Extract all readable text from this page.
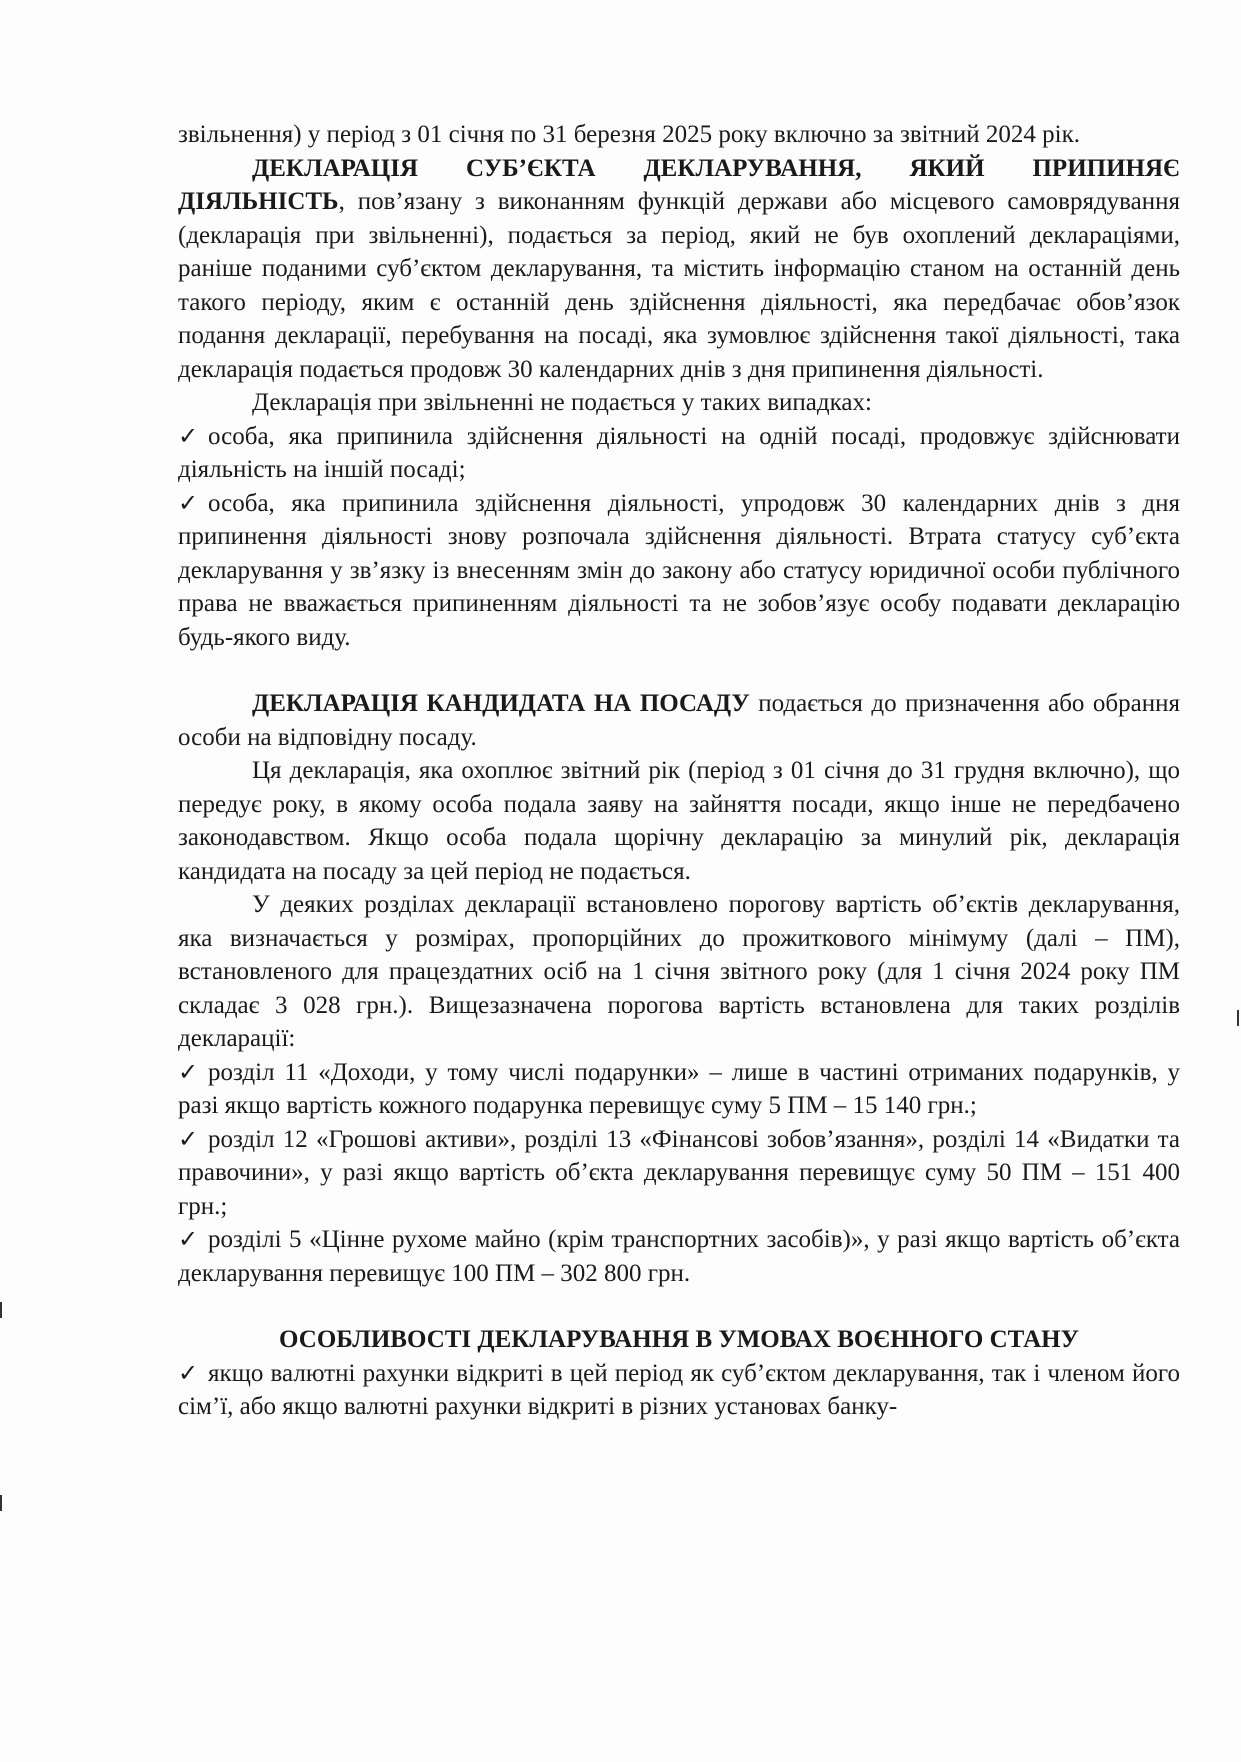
звільнення) у період з 01 січня по 31 березня 2025 року включно за звітний 2024 рік.

ДЕКЛАРАЦІЯ СУБ’ЄКТА ДЕКЛАРУВАННЯ, ЯКИЙ ПРИПИНЯЄ ДІЯЛЬНІСТЬ, пов’язану з виконанням функцій держави або місцевого самоврядування (декларація при звільненні), подається за період, який не був охоплений деклараціями, раніше поданими суб’єктом декларування, та містить інформацію станом на останній день такого періоду, яким є останній день здійснення діяльності, яка передбачає обов’язок подання декларації, перебування на посаді, яка зумовлює здійснення такої діяльності, така декларація подається продовж 30 календарних днів з дня припинення діяльності.

Декларація при звільненні не подається у таких випадках:

✓ особа, яка припинила здійснення діяльності на одній посаді, продовжує здійснювати діяльність на іншій посаді;

✓ особа, яка припинила здійснення діяльності, упродовж 30 календарних днів з дня припинення діяльності знову розпочала здійснення діяльності. Втрата статусу суб’єкта декларування у зв’язку із внесенням змін до закону або статусу юридичної особи публічного права не вважається припиненням діяльності та не зобов’язує особу подавати декларацію будь-якого виду.

ДЕКЛАРАЦІЯ КАНДИДАТА НА ПОСАДУ подається до призначення або обрання особи на відповідну посаду.

Ця декларація, яка охоплює звітний рік (період з 01 січня до 31 грудня включно), що передує року, в якому особа подала заяву на зайняття посади, якщо інше не передбачено законодавством. Якщо особа подала щорічну декларацію за минулий рік, декларація кандидата на посаду за цей період не подається.

У деяких розділах декларації встановлено порогову вартість об’єктів декларування, яка визначається у розмірах, пропорційних до прожиткового мінімуму (далі – ПМ), встановленого для працездатних осіб на 1 січня звітного року (для 1 січня 2024 року ПМ складає 3 028 грн.). Вищезазначена порогова вартість встановлена для таких розділів декларації:

✓ розділ 11 «Доходи, у тому числі подарунки» – лише в частині отриманих подарунків, у разі якщо вартість кожного подарунка перевищує суму 5 ПМ – 15 140 грн.;

✓ розділ 12 «Грошові активи», розділі 13 «Фінансові зобов’язання», розділі 14 «Видатки та правочини», у разі якщо вартість об’єкта декларування перевищує суму 50 ПМ – 151 400 грн.;

✓ розділі 5 «Цінне рухоме майно (крім транспортних засобів)», у разі якщо вартість об’єкта декларування перевищує 100 ПМ – 302 800 грн.

ОСОБЛИВОСТІ ДЕКЛАРУВАННЯ В УМОВАХ ВОЄННОГО СТАНУ

✓ якщо валютні рахунки відкриті в цей період як суб’єктом декларування, так і членом його сім’ї, або якщо валютні рахунки відкриті в різних установах банку-
